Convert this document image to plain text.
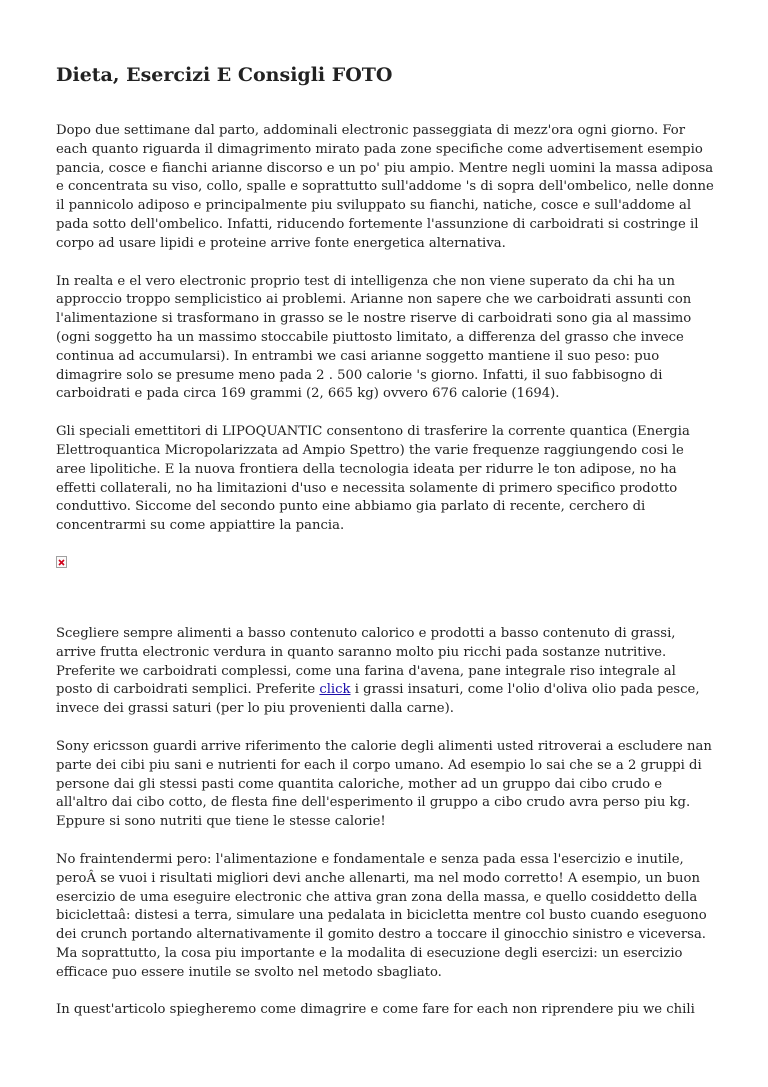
Dieta, Esercizi E Consigli FOTO

Dopo due settimane dal parto, addominali electronic passeggiata di mezz'ora ogni giorno. For each quanto riguarda il dimagrimento mirato pada zone specifiche come advertisement esempio pancia, cosce e fianchi arianne discorso e un po' piu ampio. Mentre negli uomini la massa adiposa e concentrata su viso, collo, spalle e soprattutto sull'addome 's di sopra dell'ombelico, nelle donne il pannicolo adiposo e principalmente piu sviluppato su fianchi, natiche, cosce e sull'addome al pada sotto dell'ombelico. Infatti, riducendo fortemente l'assunzione di carboidrati si costringe il corpo ad usare lipidi e proteine arrive fonte energetica alternativa.

In realta e el vero electronic proprio test di intelligenza che non viene superato da chi ha un approccio troppo semplicistico ai problemi. Arianne non sapere che we carboidrati assunti con l'alimentazione si trasformano in grasso se le nostre riserve di carboidrati sono gia al massimo (ogni soggetto ha un massimo stoccabile piuttosto limitato, a differenza del grasso che invece continua ad accumularsi). In entrambi we casi arianne soggetto mantiene il suo peso: puo dimagrire solo se presume meno pada 2 . 500 calorie 's giorno. Infatti, il suo fabbisogno di carboidrati e pada circa 169 grammi (2, 665 kg) ovvero 676 calorie (1694).

Gli speciali emettitori di LIPOQUANTIC consentono di trasferire la corrente quantica (Energia Elettroquantica Micropolarizzata ad Ampio Spettro) the varie frequenze raggiungendo cosi le aree lipolitiche. E la nuova frontiera della tecnologia ideata per ridurre le ton adipose, no ha effetti collaterali, no ha limitazioni d'uso e necessita solamente di primero specifico prodotto conduttivo. Siccome del secondo punto eine abbiamo gia parlato di recente, cerchero di concentrarmi su come appiattire la pancia.

Scegliere sempre alimenti a basso contenuto calorico e prodotti a basso contenuto di grassi, arrive frutta electronic verdura in quanto saranno molto piu ricchi pada sostanze nutritive. Preferite we carboidrati complessi, come una farina d'avena, pane integrale riso integrale al posto di carboidrati semplici. Preferite click i grassi insaturi, come l'olio d'oliva olio pada pesce, invece dei grassi saturi (per lo piu provenienti dalla carne).

Sony ericsson guardi arrive riferimento the calorie degli alimenti usted ritroverai a escludere nan parte dei cibi piu sani e nutrienti for each il corpo umano. Ad esempio lo sai che se a 2 gruppi di persone dai gli stessi pasti come quantita caloriche, mother ad un gruppo dai cibo crudo e all'altro dai cibo cotto, de flesta fine dell'esperimento il gruppo a cibo crudo avra perso piu kg. Eppure si sono nutriti que tiene le stesse calorie!

No fraintendermi pero: l'alimentazione e fondamentale e senza pada essa l'esercizio e inutile, peroÂ se vuoi i risultati migliori devi anche allenarti, ma nel modo corretto! A esempio, un buon esercizio de uma eseguire electronic che attiva gran zona della massa, e quello cosiddetto della biciclettaâ: distesi a terra, simulare una pedalata in bicicletta mentre col busto cuando eseguono dei crunch portando alternativamente il gomito destro a toccare il ginocchio sinistro e viceversa. Ma soprattutto, la cosa piu importante e la modalita di esecuzione degli esercizi: un esercizio efficace puo essere inutile se svolto nel metodo sbagliato.

In quest'articolo spiegheremo come dimagrire e come fare for each non riprendere piu we chili
